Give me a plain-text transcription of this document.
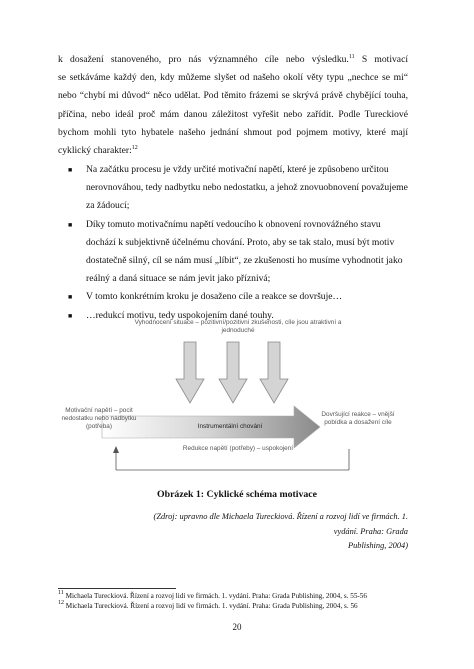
k dosažení stanoveného, pro nás významného cíle nebo výsledku.$^{11}$ S motivací
se setkáváme každý den, kdy můžeme slyšet od našeho okolí věty typu „nechce se mi“
nebo “chybí mi důvod“ něco udělat. Pod těmito frázemi se skrývá právě chybějící touha,
příčina, nebo ideál proč mám danou záležitost vyřešit nebo zařídit. Podle Tureckiové
bychom mohli tyto hybatele našeho jednání shmout pod pojmem motivy, které mají
cyklický charakter:$^{12}$
■ Na začátku procesu je vždy určité motivační napětí, které je způsobeno určitou
nerovnováhou, tedy nadbytku nebo nedostatku, a jehož znovuobnovení považujeme
za žádoucí;
■ Díky tomuto motivačnímu napětí vedoucího k obnovení rovnovážného stavu
dochází k subjektivně účelnému chování. Proto, aby se tak stalo, musí být motiv
dostatečně silný, cíl se nám musí „líbit“, ze zkušenosti ho musíme vyhodnotit jako
reálný a daná situace se nám jevit jako příznivá;
■ V tomto konkrétním kroku je dosaženo cíle a reakce se dovršuje…
■ …redukcí motivu, tedy uspokojením dané touhy.
Vyhodnocení situace – pozitivní/pozitivní zkušenosti, cíle jsou atraktivní a
jednoduché
Motivační napětí – pocit
nedostatku nebo nadbytku
(potřeba)	Instrumentální chování
Dovršující reakce – vnější
pobídka a dosažení cíle
Redukce napětí (potřeby) – uspokojení
Obrázek 1: Cyklické schéma motivace
(Zdroj: upravno dle Michaela Tureckiová. Řízení a rozvoj lidí ve firmách. 1. vydání. Praha: Grada
Publishing, 2004)
$^{11}$ Michaela Tureckiová. Řízení a rozvoj lidí ve firmách. 1. vydání. Praha: Grada Publishing, 2004, s. 55-56
$^{12}$ Michaela Tureckiová. Řízení a rozvoj lidí ve firmách. 1. vydání. Praha: Grada Publishing, 2004, s. 56
20
